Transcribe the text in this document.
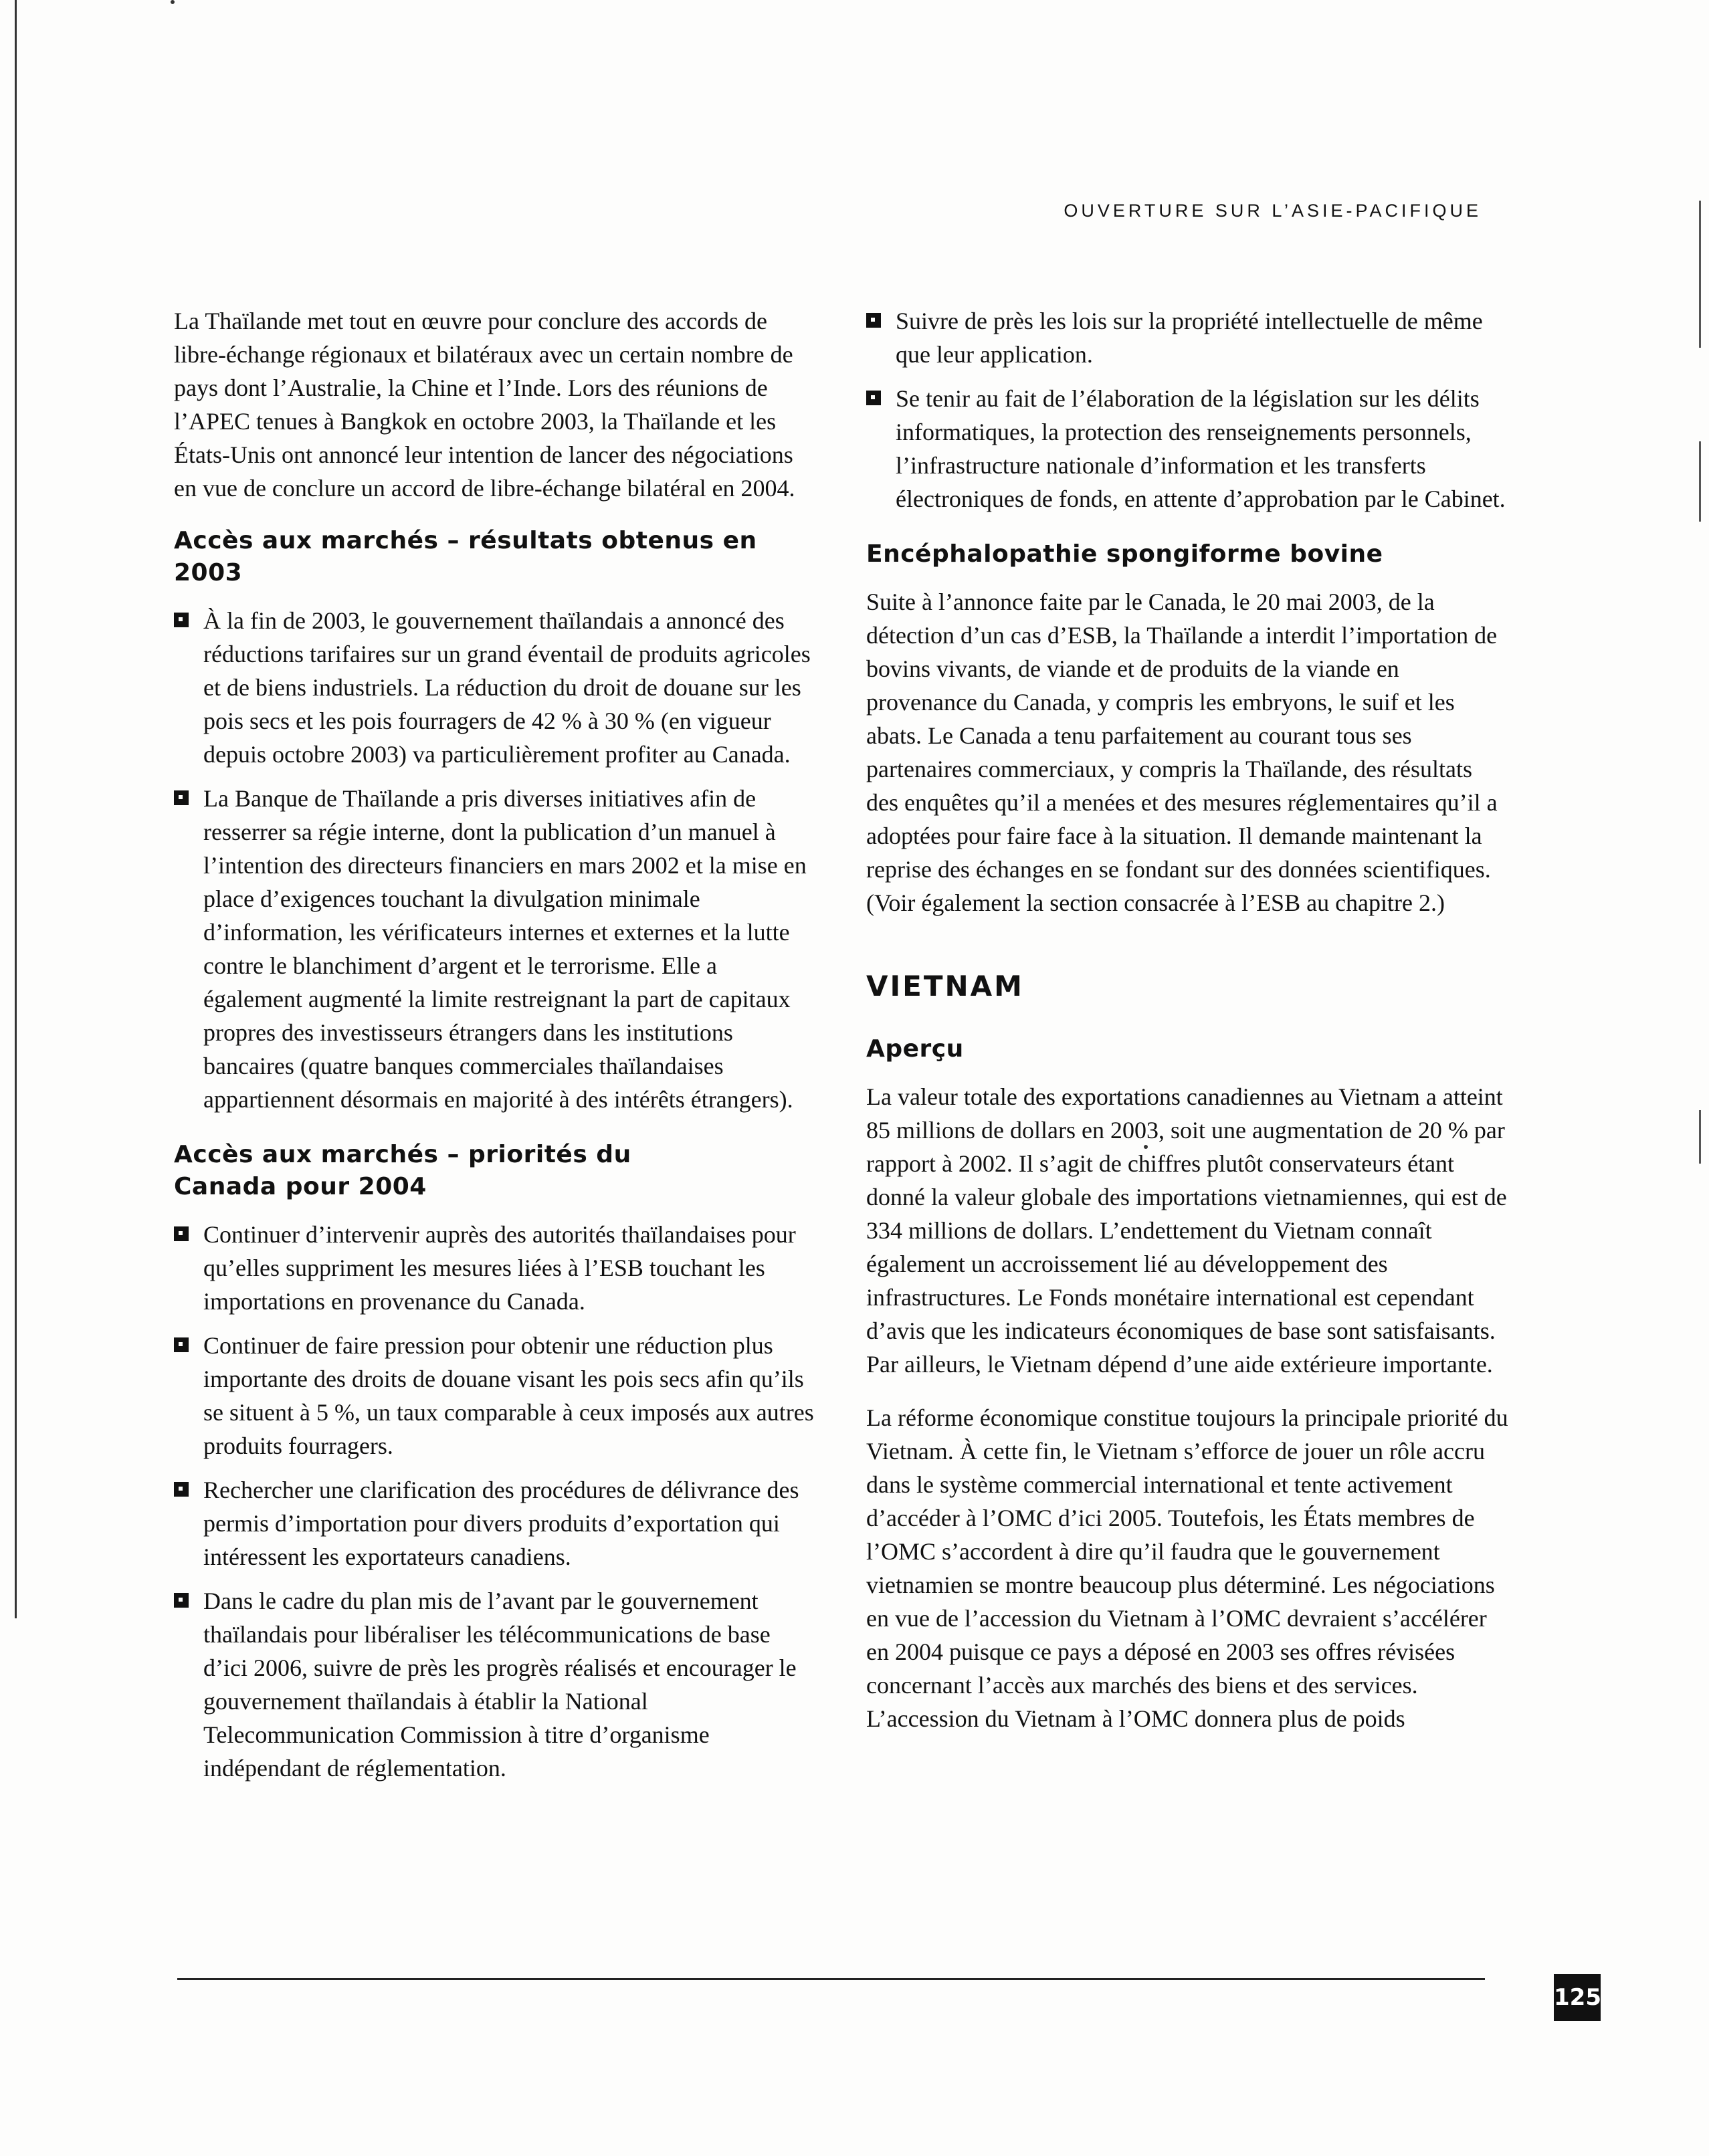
OUVERTURE SUR L’ASIE-PACIFIQUE

La Thaïlande met tout en œuvre pour conclure des accords de libre-échange régionaux et bilatéraux avec un certain nombre de pays dont l’Australie, la Chine et l’Inde. Lors des réunions de l’APEC tenues à Bangkok en octobre 2003, la Thaïlande et les États-Unis ont annoncé leur intention de lancer des négociations en vue de conclure un accord de libre-échange bilatéral en 2004.

Accès aux marchés – résultats obtenus en 2003
À la fin de 2003, le gouvernement thaïlandais a annoncé des réductions tarifaires sur un grand éventail de produits agricoles et de biens industriels. La réduction du droit de douane sur les pois secs et les pois fourragers de 42 % à 30 % (en vigueur depuis octobre 2003) va particulièrement profiter au Canada.
La Banque de Thaïlande a pris diverses initiatives afin de resserrer sa régie interne, dont la publication d’un manuel à l’intention des directeurs financiers en mars 2002 et la mise en place d’exigences touchant la divulgation minimale d’information, les vérificateurs internes et externes et la lutte contre le blanchiment d’argent et le terrorisme. Elle a également augmenté la limite restreignant la part de capitaux propres des investisseurs étrangers dans les institutions bancaires (quatre banques commerciales thaïlandaises appartiennent désormais en majorité à des intérêts étrangers).
Accès aux marchés – priorités du
Canada pour 2004
Continuer d’intervenir auprès des autorités thaïlandaises pour qu’elles suppriment les mesures liées à l’ESB touchant les importations en provenance du Canada.
Continuer de faire pression pour obtenir une réduction plus importante des droits de douane visant les pois secs afin qu’ils se situent à 5 %, un taux comparable à ceux imposés aux autres produits fourragers.
Rechercher une clarification des procédures de délivrance des permis d’importation pour divers produits d’exportation qui intéressent les exportateurs canadiens.
Dans le cadre du plan mis de l’avant par le gouvernement thaïlandais pour libéraliser les télécommunications de base d’ici 2006, suivre de près les progrès réalisés et encourager le gouvernement thaïlandais à établir la National Telecommunication Commission à titre d’organisme indépendant de réglementation.
Suivre de près les lois sur la propriété intellectuelle de même que leur application.
Se tenir au fait de l’élaboration de la législation sur les délits informatiques, la protection des renseignements personnels, l’infrastructure nationale d’information et les transferts électroniques de fonds, en attente d’approbation par le Cabinet.
Encéphalopathie spongiforme bovine

Suite à l’annonce faite par le Canada, le 20 mai 2003, de la détection d’un cas d’ESB, la Thaïlande a interdit l’importation de bovins vivants, de viande et de produits de la viande en provenance du Canada, y compris les embryons, le suif et les abats. Le Canada a tenu parfaitement au courant tous ses partenaires commerciaux, y compris la Thaïlande, des résultats des enquêtes qu’il a menées et des mesures réglementaires qu’il a adoptées pour faire face à la situation. Il demande maintenant la reprise des échanges en se fondant sur des données scientifiques. (Voir également la section consacrée à l’ESB au chapitre 2.)

VIETNAM
Aperçu

La valeur totale des exportations canadiennes au Vietnam a atteint 85 millions de dollars en 2003, soit une augmentation de 20 % par rapport à 2002. Il s’agit de chiffres plutôt conservateurs étant donné la valeur globale des importations vietnamiennes, qui est de 334 millions de dollars. L’endettement du Vietnam connaît également un accroissement lié au développement des infrastructures. Le Fonds monétaire international est cependant d’avis que les indicateurs économiques de base sont satisfaisants. Par ailleurs, le Vietnam dépend d’une aide extérieure importante.

La réforme économique constitue toujours la principale priorité du Vietnam. À cette fin, le Vietnam s’efforce de jouer un rôle accru dans le système commercial international et tente activement d’accéder à l’OMC d’ici 2005. Toutefois, les États membres de l’OMC s’accordent à dire qu’il faudra que le gouvernement vietnamien se montre beaucoup plus déterminé. Les négociations en vue de l’accession du Vietnam à l’OMC devraient s’accélérer en 2004 puisque ce pays a déposé en 2003 ses offres révisées concernant l’accès aux marchés des biens et des services. L’accession du Vietnam à l’OMC donnera plus de poids

125
